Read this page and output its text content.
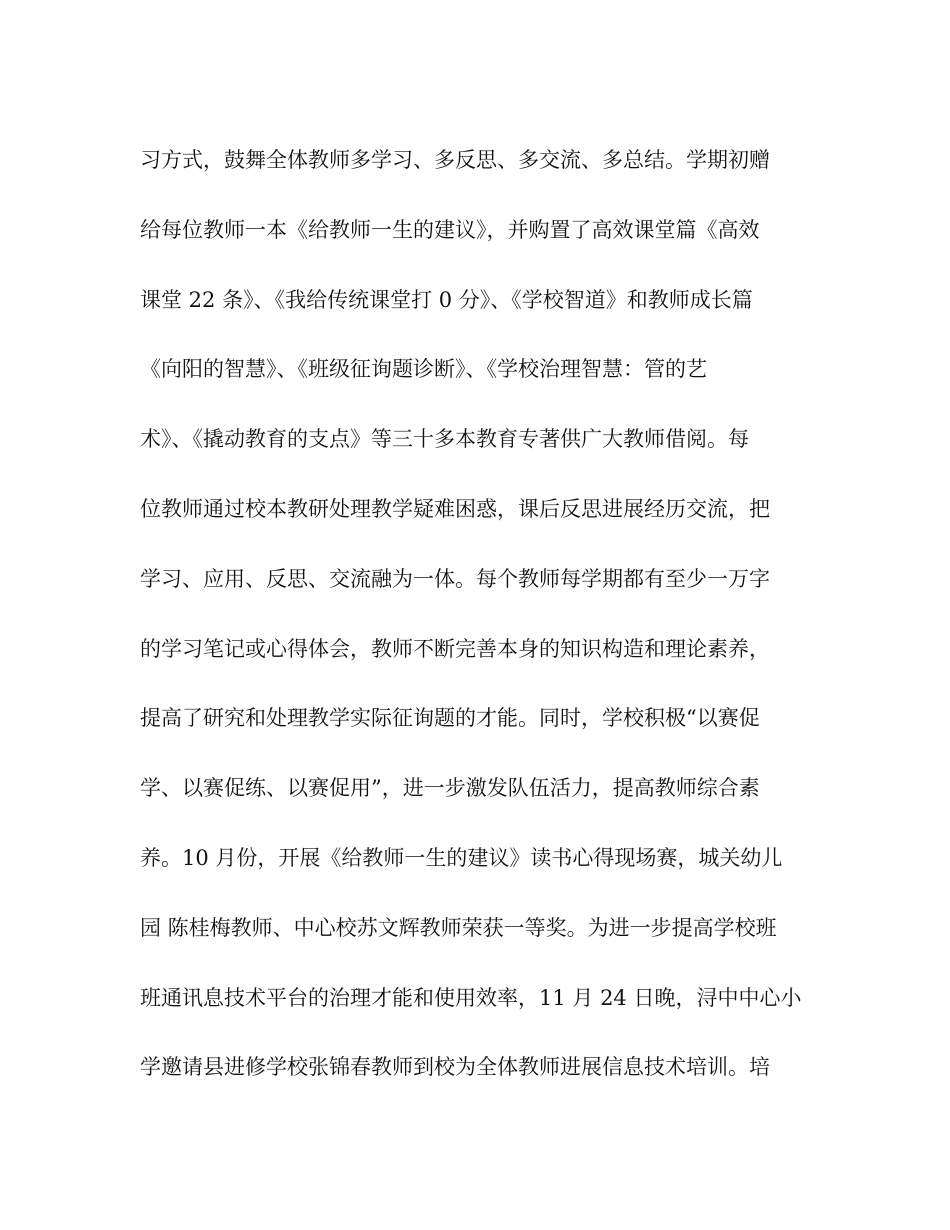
习方式，鼓舞全体教师多学习、多反思、多交流、多总结。学期初赠
给每位教师一本《给教师一生的建议》，并购置了高效课堂篇《高效
课堂 22 条》、《我给传统课堂打 0 分》、《学校智道》和教师成长篇
《向阳的智慧》、《班级征询题诊断》、《学校治理智慧：管的艺
术》、《撬动教育的支点》等三十多本教育专著供广大教师借阅。每
位教师通过校本教研处理教学疑难困惑，课后反思进展经历交流，把
学习、应用、反思、交流融为一体。每个教师每学期都有至少一万字
的学习笔记或心得体会，教师不断完善本身的知识构造和理论素养，
提高了研究和处理教学实际征询题的才能。同时，学校积极“以赛促
学、以赛促练、以赛促用”，进一步激发队伍活力，提高教师综合素
养。10 月份，开展《给教师一生的建议》读书心得现场赛，城关幼儿
园 陈桂梅教师、中心校苏文辉教师荣获一等奖。为进一步提高学校班
班通讯息技术平台的治理才能和使用效率，11 月 24 日晚，浔中中心小
学邀请县进修学校张锦春教师到校为全体教师进展信息技术培训。培
